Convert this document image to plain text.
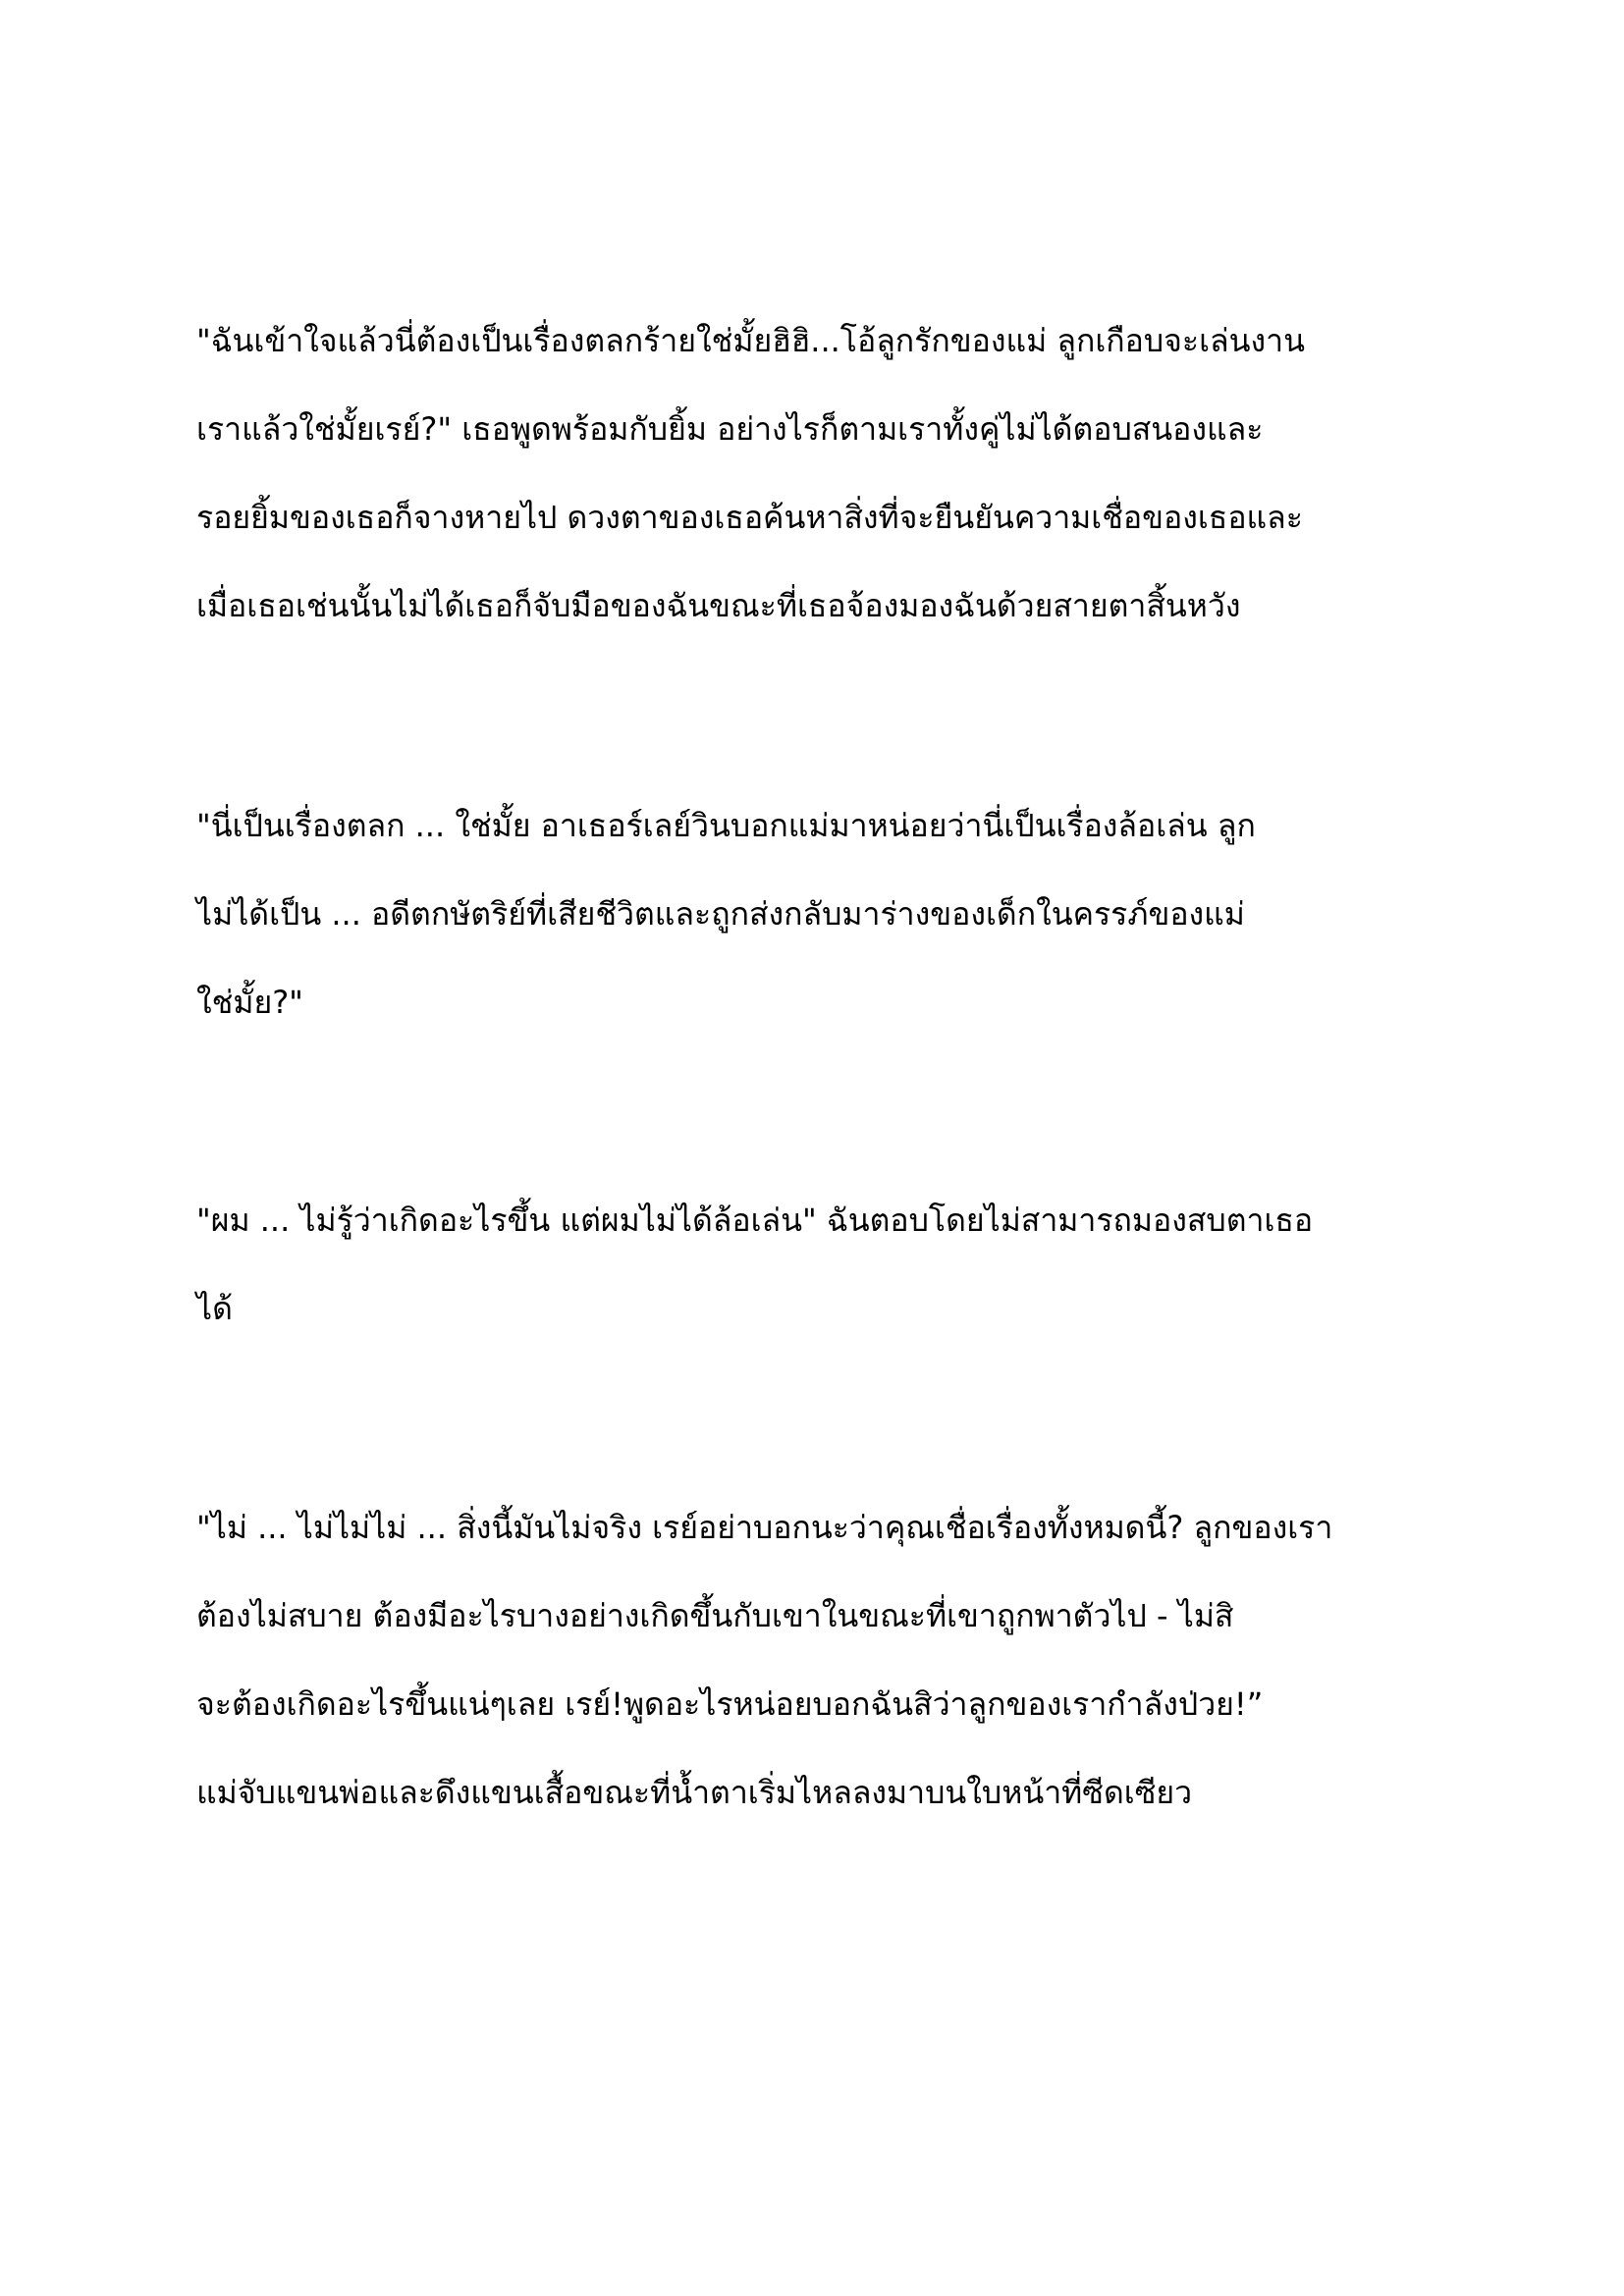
"ฉันเข้าใจแล้วนี่ต้องเป็นเรื่องตลกร้ายใช่มั้ยฮิฮิ...โอ้ลูกรักของแม่ ลูกเกือบจะเล่นงาน
เราแล้วใช่มั้ยเรย์?" เธอพูดพร้อมกับยิ้ม อย่างไรก็ตามเราทั้งคู่ไม่ได้ตอบสนองและ
รอยยิ้มของเธอก็จางหายไป ดวงตาของเธอค้นหาสิ่งที่จะยืนยันความเชื่อของเธอและ
เมื่อเธอเช่นนั้นไม่ได้เธอก็จับมือของฉันขณะที่เธอจ้องมองฉันด้วยสายตาสิ้นหวัง
"นี่เป็นเรื่องตลก ... ใช่มั้ย อาเธอร์เลย์วินบอกแม่มาหน่อยว่านี่เป็นเรื่องล้อเล่น ลูก
ไม่ได้เป็น ... อดีตกษัตริย์ที่เสียชีวิตและถูกส่งกลับมาร่างของเด็กในครรภ์ของแม่
ใช่มั้ย?"
"ผม ... ไม่รู้ว่าเกิดอะไรขึ้น แต่ผมไม่ได้ล้อเล่น" ฉันตอบโดยไม่สามารถมองสบตาเธอ
ได้
"ไม่ ... ไม่ไม่ไม่ ... สิ่งนี้มันไม่จริง เรย์อย่าบอกนะว่าคุณเชื่อเรื่องทั้งหมดนี้? ลูกของเรา
ต้องไม่สบาย ต้องมีอะไรบางอย่างเกิดขึ้นกับเขาในขณะที่เขาถูกพาตัวไป - ไม่สิ
จะต้องเกิดอะไรขึ้นแน่ๆเลย เรย์!พูดอะไรหน่อยบอกฉันสิว่าลูกของเรากำลังป่วย!”
แม่จับแขนพ่อและดึงแขนเสื้อขณะที่น้ำตาเริ่มไหลลงมาบนใบหน้าที่ซีดเซียว
